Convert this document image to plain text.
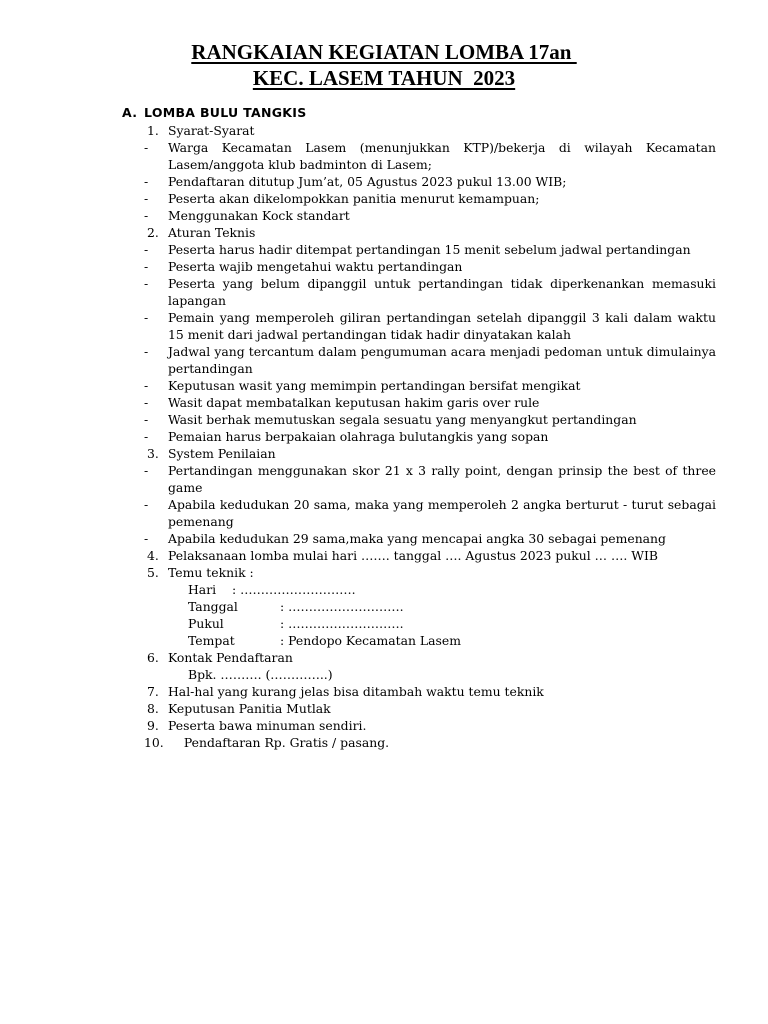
RANGKAIAN KEGIATAN LOMBA 17an
KEC. LASEM TAHUN  2023
A. LOMBA BULU TANGKIS
1. Syarat-Syarat
-	Warga Kecamatan Lasem (menunjukkan KTP)/bekerja di wilayah Kecamatan Lasem/anggota klub badminton di Lasem;
-	Pendaftaran ditutup Jum’at, 05 Agustus 2023 pukul 13.00 WIB;
-	Peserta akan dikelompokkan panitia menurut kemampuan;
-	Menggunakan Kock standart
2. Aturan Teknis
-	Peserta harus hadir ditempat pertandingan 15 menit sebelum jadwal pertandingan
-	Peserta wajib mengetahui waktu pertandingan
-	Peserta yang belum dipanggil untuk pertandingan tidak diperkenankan memasuki lapangan
-	Pemain yang memperoleh giliran pertandingan setelah dipanggil 3 kali dalam waktu 15 menit dari jadwal pertandingan tidak hadir dinyatakan kalah
-	Jadwal yang tercantum dalam pengumuman acara menjadi pedoman untuk dimulainya pertandingan
-	Keputusan wasit yang memimpin pertandingan bersifat mengikat
-	Wasit dapat membatalkan keputusan hakim garis over rule
-	Wasit berhak memutuskan segala sesuatu yang menyangkut pertandingan
-	Pemaian harus berpakaian olahraga bulutangkis yang sopan
3. System Penilaian
-	Pertandingan menggunakan skor 21 x 3 rally point, dengan prinsip the best of three game
-	Apabila kedudukan 20 sama, maka yang memperoleh 2 angka berturut - turut sebagai pemenang
-	Apabila kedudukan 29 sama,maka yang mencapai angka 30 sebagai pemenang
4. Pelaksanaan lomba mulai hari ……. tanggal …. Agustus 2023 pukul … …. WIB
5. Temu teknik :
Hari	: ……………………….
Tanggal	: ……………………….
Pukul	: ……………………….
Tempat	: Pendopo Kecamatan Lasem
6. Kontak Pendaftaran
Bpk. ………. (…………..)
7. Hal-hal yang kurang jelas bisa ditambah waktu temu teknik
8. Keputusan Panitia Mutlak
9. Peserta bawa minuman sendiri.
10. Pendaftaran Rp. Gratis / pasang.
